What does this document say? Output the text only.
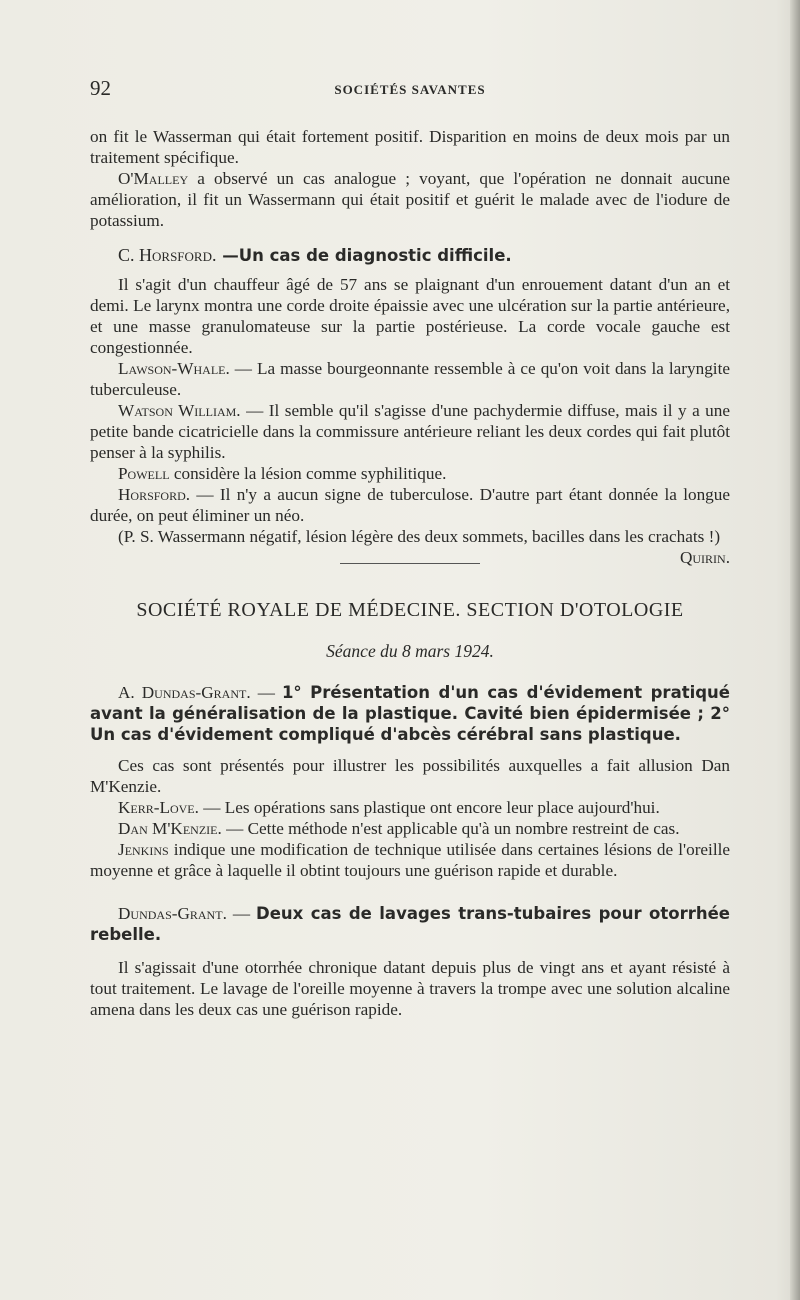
92	SOCIÉTÉS SAVANTES

on fit le Wasserman qui était fortement positif. Disparition en moins de deux mois par un traitement spécifique.

O'Malley a observé un cas analogue ; voyant, que l'opération ne donnait aucune amélioration, il fit un Wassermann qui était positif et guérit le malade avec de l'iodure de potassium.

C. Horsford. —Un cas de diagnostic difficile.

Il s'agit d'un chauffeur âgé de 57 ans se plaignant d'un enrouement datant d'un an et demi. Le larynx montra une corde droite épaissie avec une ulcération sur la partie antérieure, et une masse granulomateuse sur la partie postérieuse. La corde vocale gauche est congestionnée.

Lawson-Whale. — La masse bourgeonnante ressemble à ce qu'on voit dans la laryngite tuberculeuse.

Watson William. — Il semble qu'il s'agisse d'une pachydermie diffuse, mais il y a une petite bande cicatricielle dans la commissure antérieure reliant les deux cordes qui fait plutôt penser à la syphilis.

Powell considère la lésion comme syphilitique.

Horsford. — Il n'y a aucun signe de tuberculose. D'autre part étant donnée la longue durée, on peut éliminer un néo.

(P. S. Wassermann négatif, lésion légère des deux sommets, bacilles dans les crachats !)
Quirin.

SOCIÉTÉ ROYALE DE MÉDECINE. SECTION D'OTOLOGIE
Séance du 8 mars 1924.

A. Dundas-Grant. — 1° Présentation d'un cas d'évidement pratiqué avant la généralisation de la plastique. Cavité bien épidermisée ; 2° Un cas d'évidement compliqué d'abcès cérébral sans plastique.

Ces cas sont présentés pour illustrer les possibilités auxquelles a fait allusion Dan M'Kenzie.

Kerr-Love. — Les opérations sans plastique ont encore leur place aujourd'hui.

Dan M'Kenzie. — Cette méthode n'est applicable qu'à un nombre restreint de cas.

Jenkins indique une modification de technique utilisée dans certaines lésions de l'oreille moyenne et grâce à laquelle il obtint toujours une guérison rapide et durable.

Dundas-Grant. — Deux cas de lavages trans-tubaires pour otorrhée rebelle.

Il s'agissait d'une otorrhée chronique datant depuis plus de vingt ans et ayant résisté à tout traitement. Le lavage de l'oreille moyenne à travers la trompe avec une solution alcaline amena dans les deux cas une guérison rapide.
